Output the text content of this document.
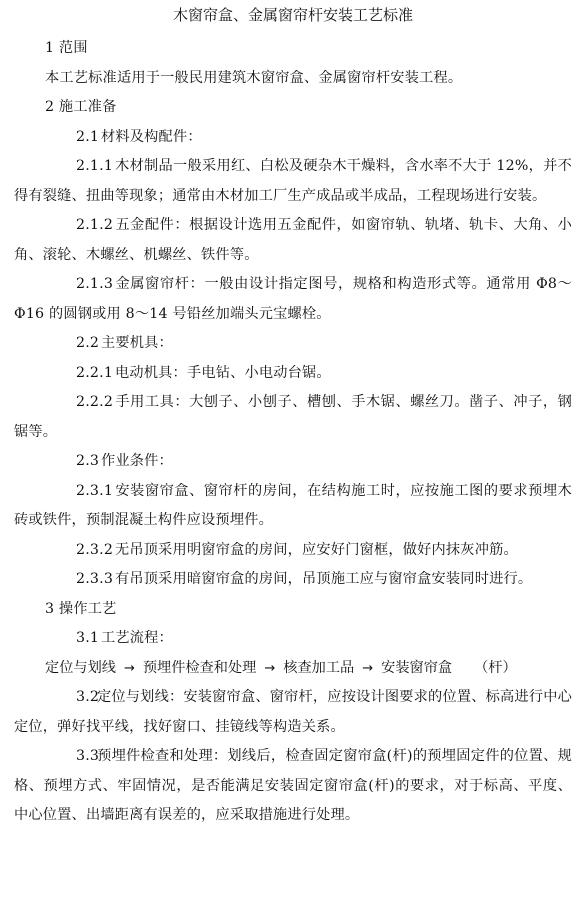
木窗帘盒、金属窗帘杆安装工艺标准

1 范围

本工艺标准适用于一般民用建筑木窗帘盒、金属窗帘杆安装工程。

2 施工准备

2.1 材料及构配件：

2.1.1 木材制品一般采用红、白松及硬杂木干燥料，含水率不大于 12%，并不得有裂缝、扭曲等现象；通常由木材加工厂生产成品或半成品，工程现场进行安装。

2.1.2 五金配件：根据设计选用五金配件，如窗帘轨、轨堵、轨卡、大角、小角、滚轮、木螺丝、机螺丝、铁件等。

2.1.3 金属窗帘杆：一般由设计指定图号，规格和构造形式等。通常用 Φ8～Φ16 的圆钢或用 8～14 号铅丝加端头元宝螺栓。

2.2 主要机具：

2.2.1 电动机具：手电钻、小电动台锯。

2.2.2 手用工具：大刨子、小刨子、槽刨、手木锯、螺丝刀。凿子、冲子，钢锯等。

2.3 作业条件：

2.3.1 安装窗帘盒、窗帘杆的房间，在结构施工时，应按施工图的要求预埋木砖或铁件，预制混凝土构件应设预埋件。

2.3.2 无吊顶采用明窗帘盒的房间，应安好门窗框，做好内抹灰冲筋。

2.3.3 有吊顶采用暗窗帘盒的房间，吊顶施工应与窗帘盒安装同时进行。

3 操作工艺

3.1 工艺流程：

定位与划线 → 预埋件检查和处理 → 核查加工品 → 安装窗帘盒 （杆）

3.2定位与划线：安装窗帘盒、窗帘杆，应按设计图要求的位置、标高进行中心定位，弹好找平线，找好窗口、挂镜线等构造关系。

3.3预埋件检查和处理：划线后，检查固定窗帘盒(杆)的预埋固定件的位置、规格、预埋方式、牢固情况，是否能满足安装固定窗帘盒(杆)的要求，对于标高、平度、中心位置、出墙距离有误差的，应采取措施进行处理。
